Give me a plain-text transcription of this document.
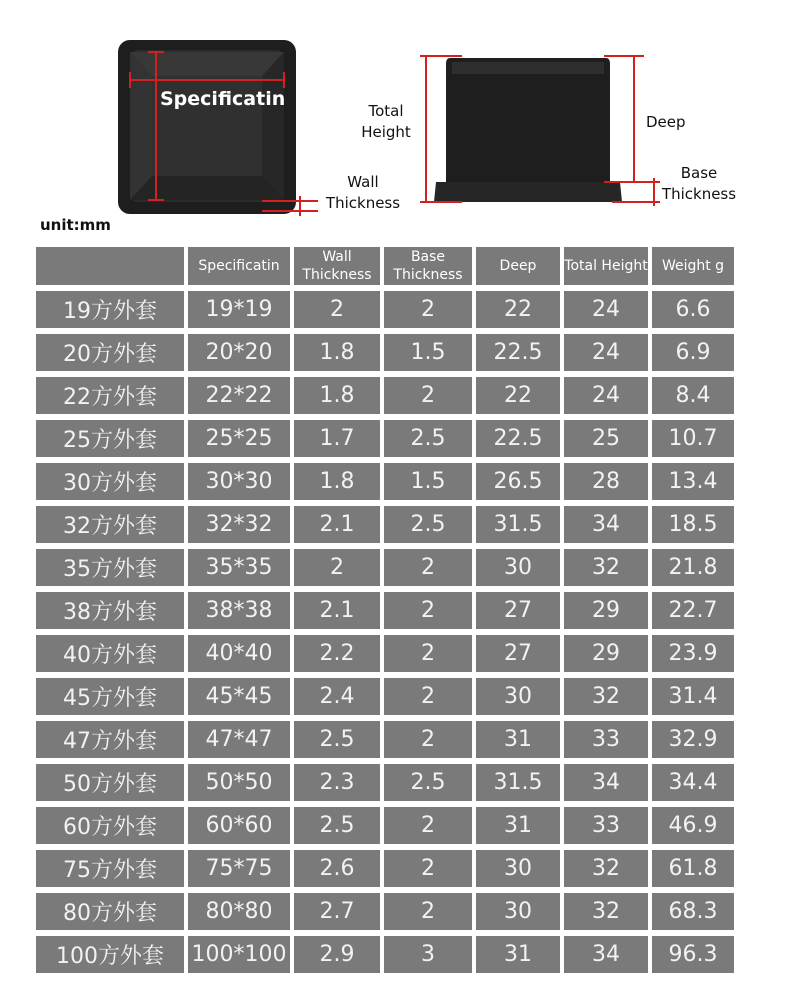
Specificatin
Total
Height
Wall
Thickness
Deep
Base
Thickness
unit:mm
	Specificatin	Wall Thickness	Base Thickness	Deep	Total Height	Weight g
19方外套	19*19	2	2	22	24	6.6
20方外套	20*20	1.8	1.5	22.5	24	6.9
22方外套	22*22	1.8	2	22	24	8.4
25方外套	25*25	1.7	2.5	22.5	25	10.7
30方外套	30*30	1.8	1.5	26.5	28	13.4
32方外套	32*32	2.1	2.5	31.5	34	18.5
35方外套	35*35	2	2	30	32	21.8
38方外套	38*38	2.1	2	27	29	22.7
40方外套	40*40	2.2	2	27	29	23.9
45方外套	45*45	2.4	2	30	32	31.4
47方外套	47*47	2.5	2	31	33	32.9
50方外套	50*50	2.3	2.5	31.5	34	34.4
60方外套	60*60	2.5	2	31	33	46.9
75方外套	75*75	2.6	2	30	32	61.8
80方外套	80*80	2.7	2	30	32	68.3
100方外套	100*100	2.9	3	31	34	96.3
